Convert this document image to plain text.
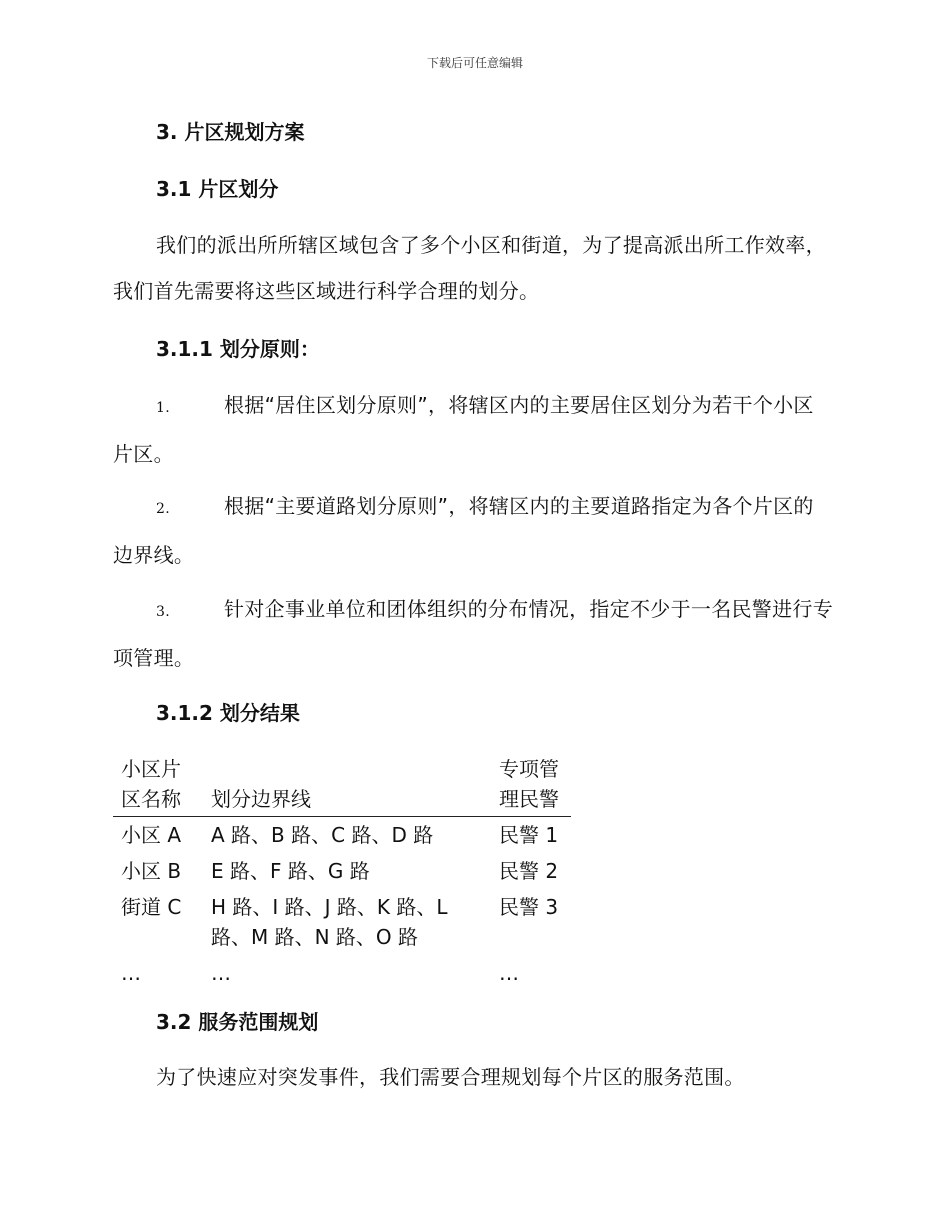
下载后可任意编辑
3. 片区规划方案
3.1 片区划分
我们的派出所所辖区域包含了多个小区和街道，为了提高派出所工作效率，我们首先需要将这些区域进行科学合理的划分。
3.1.1 划分原则：
1.	根据“居住区划分原则”，将辖区内的主要居住区划分为若干个小区片区。
2.	根据“主要道路划分原则”，将辖区内的主要道路指定为各个片区的边界线。
3.	针对企事业单位和团体组织的分布情况，指定不少于一名民警进行专项管理。
3.1.2 划分结果
小区片区名称	划分边界线	专项管理民警
小区 A	A 路、B 路、C 路、D 路	民警 1
小区 B	E 路、F 路、G 路	民警 2
街道 C	H 路、I 路、J 路、K 路、L 路、M 路、N 路、O 路	民警 3
…	…	…
3.2 服务范围规划
为了快速应对突发事件，我们需要合理规划每个片区的服务范围。
